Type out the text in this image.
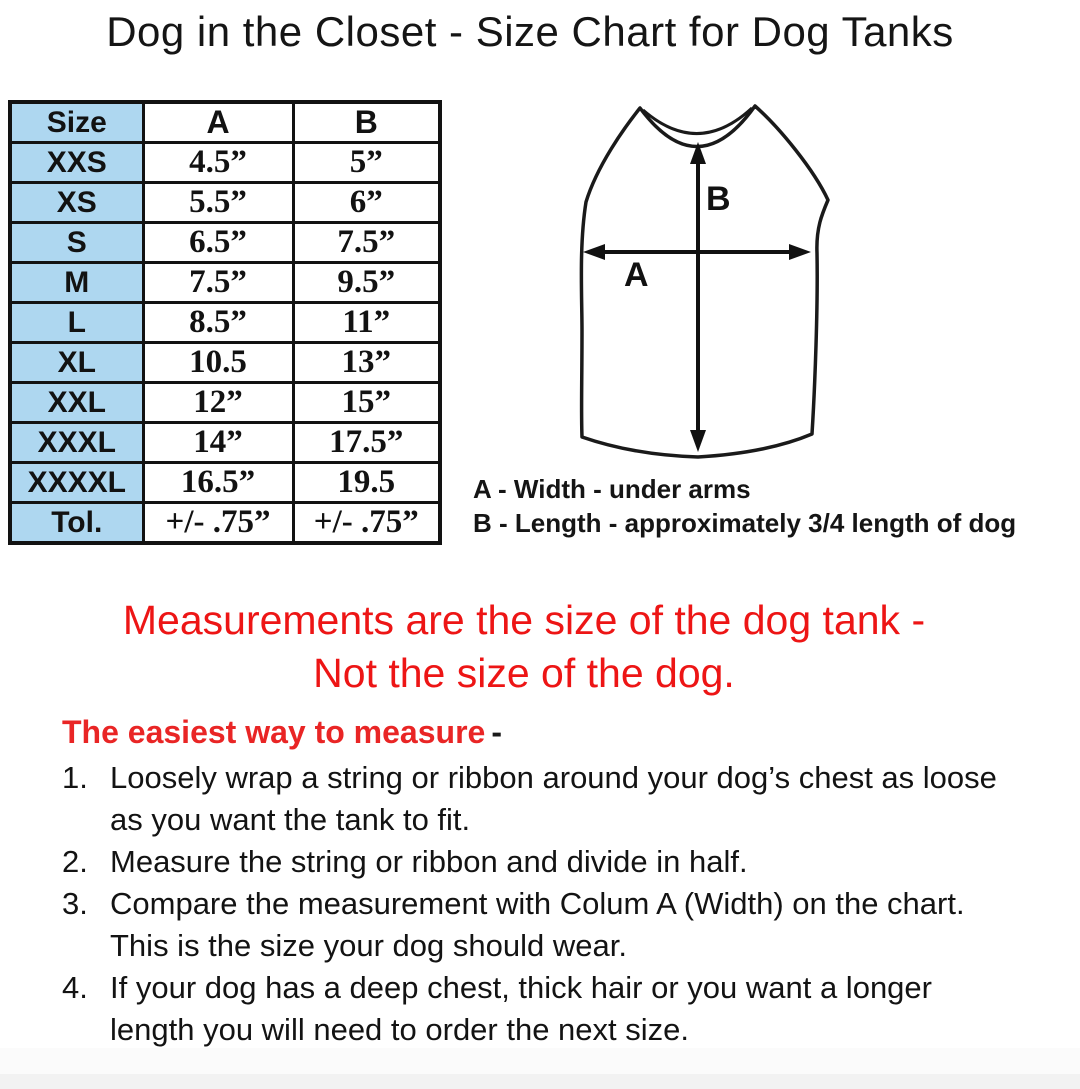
Dog in the Closet - Size Chart for Dog Tanks
Size	A	B
XXS	4.5”	5”
XS	5.5”	6”
S	6.5”	7.5”
M	7.5”	9.5”
L	8.5”	11”
XL	10.5	13”
XXL	12”	15”
XXXL	14”	17.5”
XXXXL	16.5”	19.5
Tol.	+/- .75”	+/- .75”
B
A
A - Width - under arms
B - Length - approximately 3/4 length of dog
Measurements are the size of the dog tank -
Not the size of the dog.
The easiest way to measure -
1. Loosely wrap a string or ribbon around your dog’s chest as loose as you want the tank to fit.
2. Measure the string or ribbon and divide in half.
3. Compare the measurement with Colum A (Width) on the chart.  This is the size your dog should wear.
4. If your dog has a deep chest, thick hair or you want a longer length you will need to order the next size.
